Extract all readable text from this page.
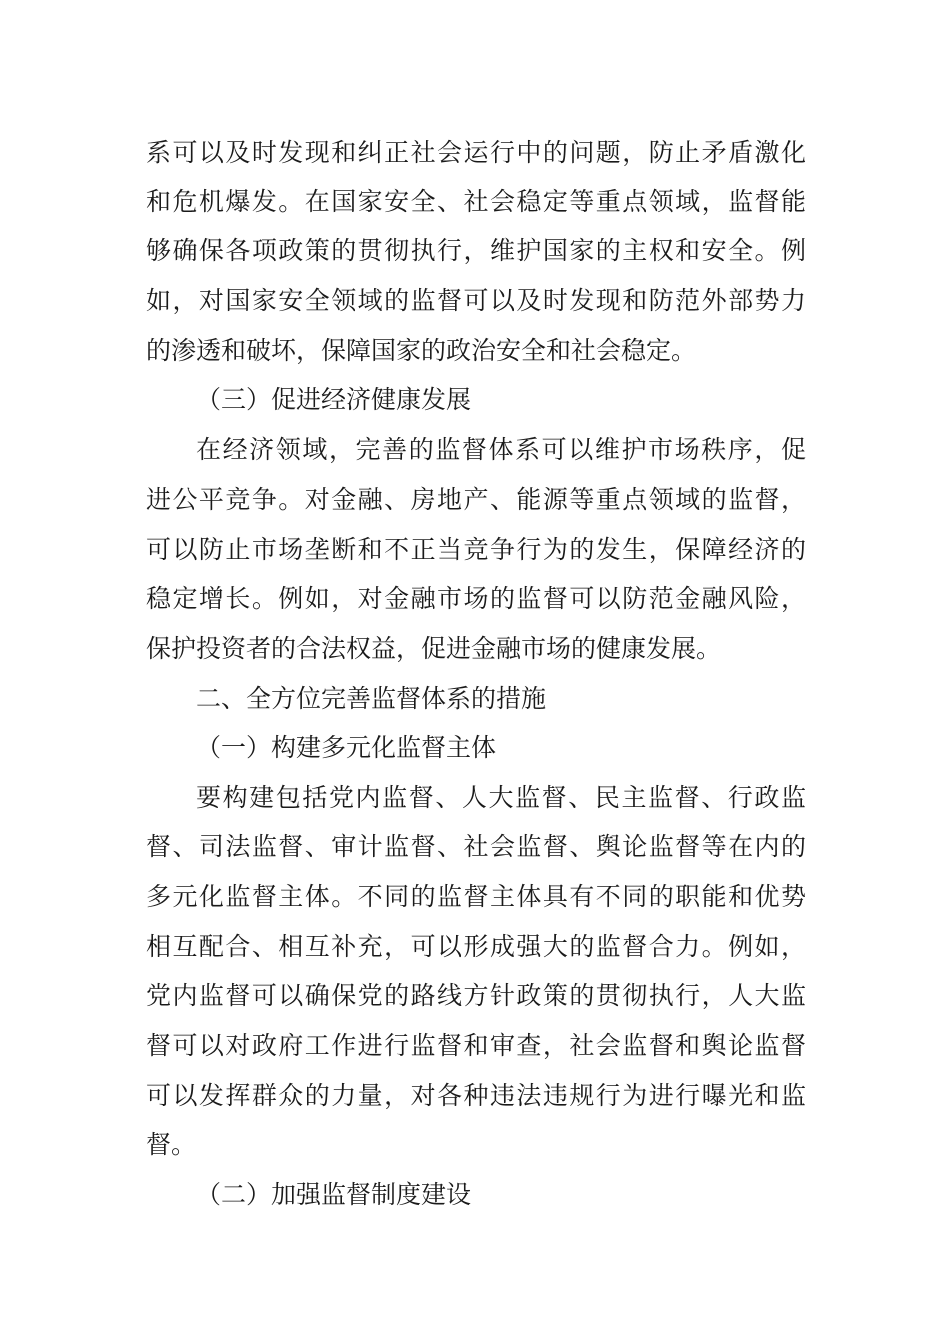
系可以及时发现和纠正社会运行中的问题，防止矛盾激化
和危机爆发。在国家安全、社会稳定等重点领域，监督能
够确保各项政策的贯彻执行，维护国家的主权和安全。例
如，对国家安全领域的监督可以及时发现和防范外部势力
的渗透和破坏，保障国家的政治安全和社会稳定。
（三）促进经济健康发展
在经济领域，完善的监督体系可以维护市场秩序，促
进公平竞争。对金融、房地产、能源等重点领域的监督，
可以防止市场垄断和不正当竞争行为的发生，保障经济的
稳定增长。例如，对金融市场的监督可以防范金融风险，
保护投资者的合法权益，促进金融市场的健康发展。
二、全方位完善监督体系的措施
（一）构建多元化监督主体
要构建包括党内监督、人大监督、民主监督、行政监
督、司法监督、审计监督、社会监督、舆论监督等在内的
多元化监督主体。不同的监督主体具有不同的职能和优势
相互配合、相互补充，可以形成强大的监督合力。例如，
党内监督可以确保党的路线方针政策的贯彻执行，人大监
督可以对政府工作进行监督和审查，社会监督和舆论监督
可以发挥群众的力量，对各种违法违规行为进行曝光和监
督。
（二）加强监督制度建设
